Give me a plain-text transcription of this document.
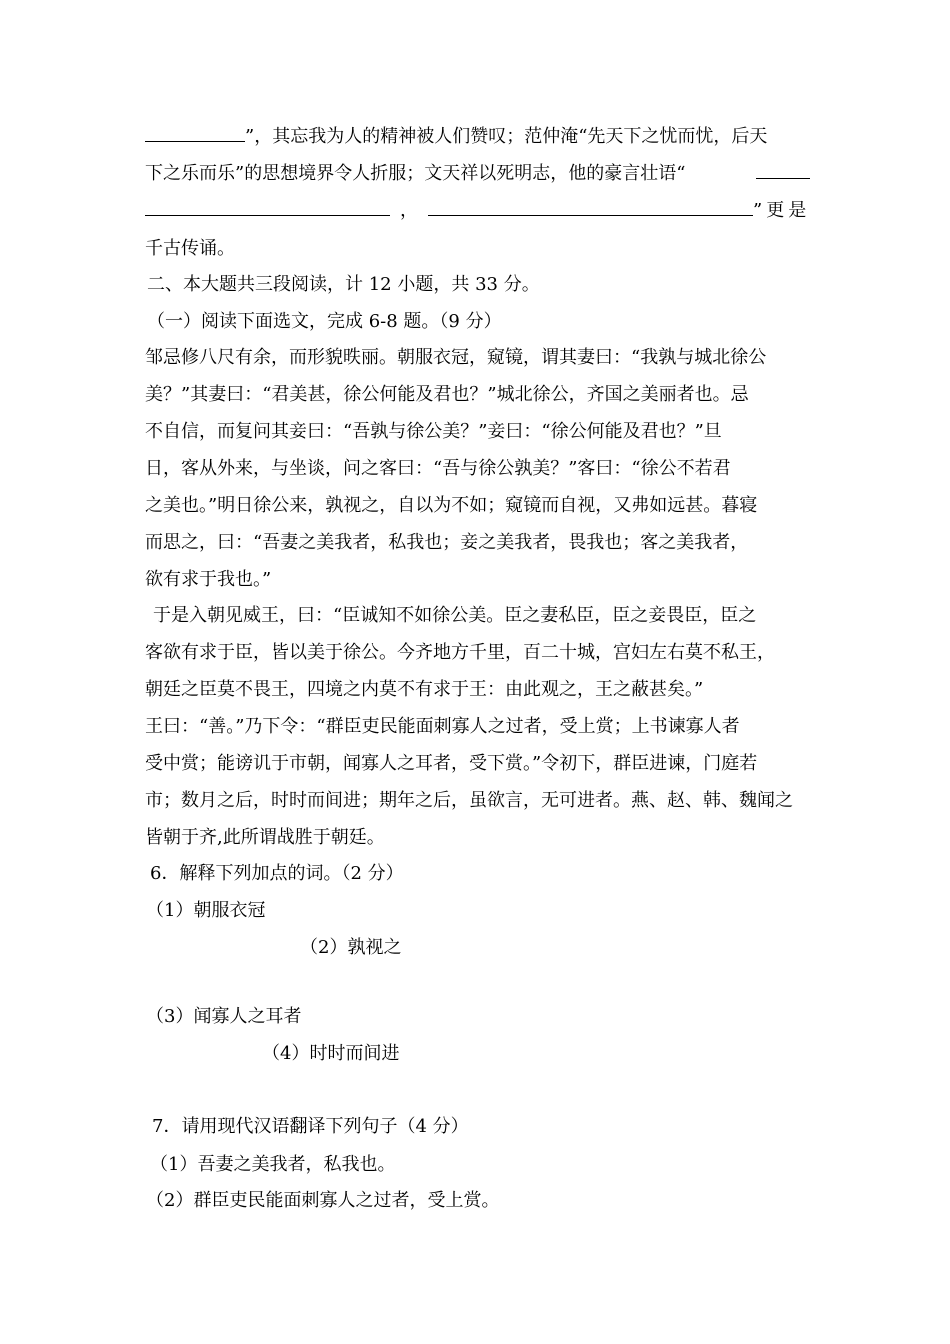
”，其忘我为人的精神被人们赞叹；范仲淹“先天下之忧而忧，后天
下之乐而乐”的思想境界令人折服；文天祥以死明志，他的豪言壮语“
，	”更是
千古传诵。
二、本大题共三段阅读，计 12 小题，共 33 分。
（一）阅读下面选文，完成 6-8 题。（9 分）
邹忌修八尺有余，而形貌昳丽。朝服衣冠，窥镜，谓其妻曰：“我孰与城北徐公
美？”其妻曰：“君美甚，徐公何能及君也？”城北徐公，齐国之美丽者也。忌
不自信，而复问其妾曰：“吾孰与徐公美？”妾曰：“徐公何能及君也？”旦
日，客从外来，与坐谈，问之客曰：“吾与徐公孰美？”客曰：“徐公不若君
之美也。”明日徐公来，孰视之，自以为不如；窥镜而自视，又弗如远甚。暮寝
而思之，曰：“吾妻之美我者，私我也；妾之美我者，畏我也；客之美我者，
欲有求于我也。”
于是入朝见威王，曰：“臣诚知不如徐公美。臣之妻私臣，臣之妾畏臣，臣之
客欲有求于臣，皆以美于徐公。今齐地方千里，百二十城，宫妇左右莫不私王，
朝廷之臣莫不畏王，四境之内莫不有求于王：由此观之，王之蔽甚矣。”
王曰：“善。”乃下令：“群臣吏民能面刺寡人之过者，受上赏；上书谏寡人者
受中赏；能谤讥于市朝，闻寡人之耳者，受下赏。”令初下，群臣进谏，门庭若
市；数月之后，时时而间进；期年之后，虽欲言，无可进者。燕、赵、韩、魏闻之
皆朝于齐,此所谓战胜于朝廷。
6．解释下列加点的词。（2 分）
（1）朝服衣冠
（2）孰视之
（3）闻寡人之耳者
（4）时时而间进
7．请用现代汉语翻译下列句子（4 分）
（1）吾妻之美我者，私我也。
（2）群臣吏民能面刺寡人之过者，受上赏。
